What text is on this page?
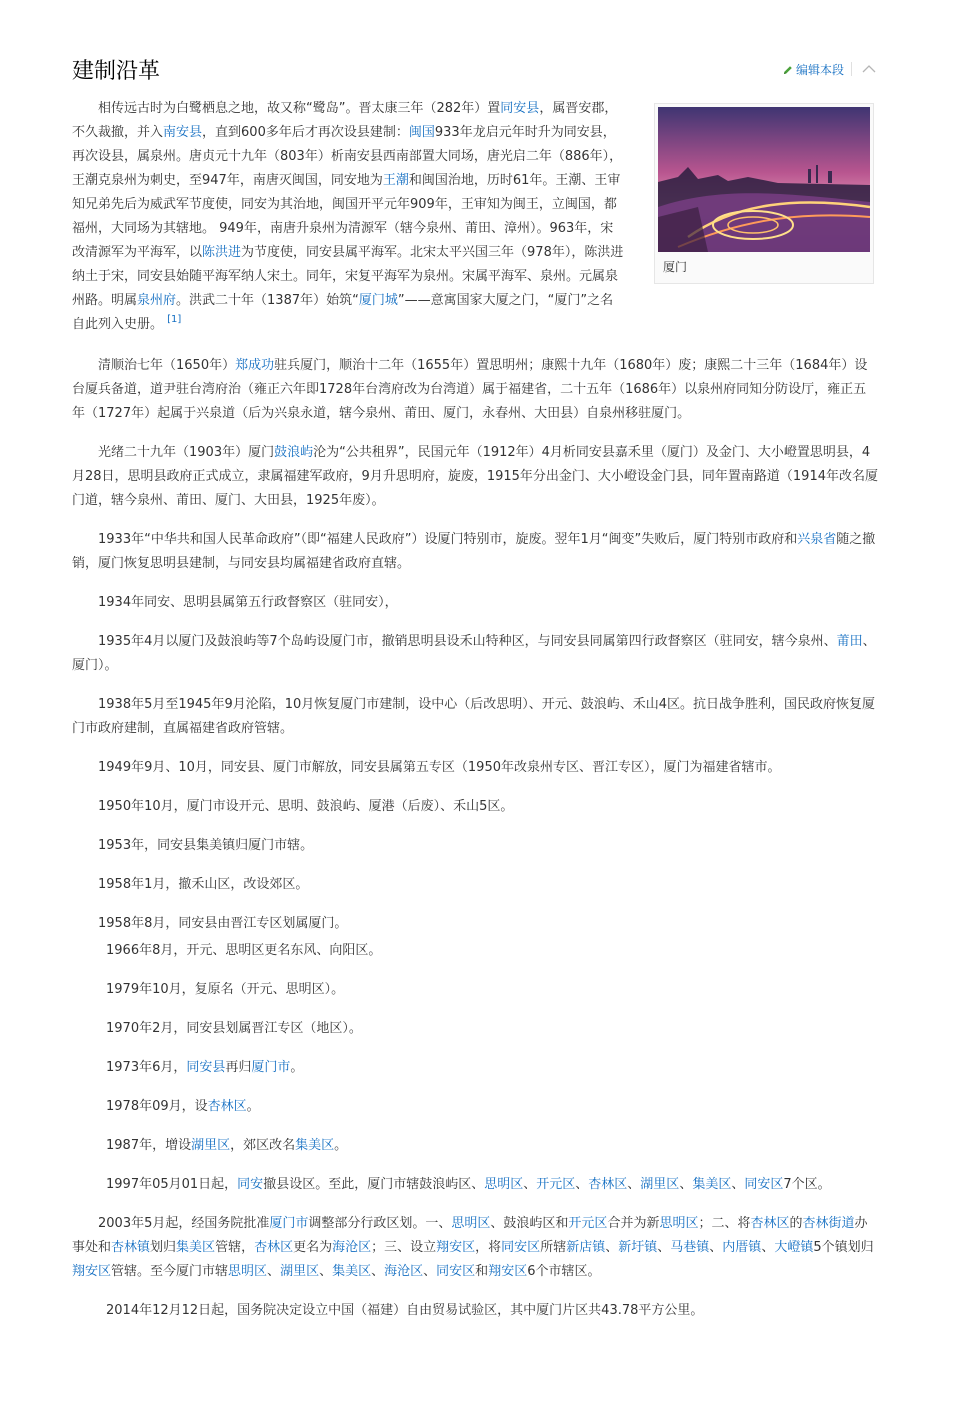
建制沿革	编辑本段
厦门

相传远古时为白鹭栖息之地，故又称“鹭岛”。晋太康三年（282年）置同安县，属晋安郡，不久裁撤，并入南安县，直到600多年后才再次设县建制：闽国933年龙启元年时升为同安县，再次设县，属泉州。唐贞元十九年（803年）析南安县西南部置大同场，唐光启二年（886年），王潮克泉州为刺史，至947年，南唐灭闽国，同安地为王潮和闽国治地，历时61年。王潮、王审知兄弟先后为威武军节度使，同安为其治地，闽国开平元年909年，王审知为闽王，立闽国，都福州，大同场为其辖地。 949年，南唐升泉州为清源军（辖今泉州、莆田、漳州）。963年，宋改清源军为平海军，以陈洪进为节度使，同安县属平海军。北宋太平兴国三年（978年），陈洪进纳土于宋，同安县始随平海军纳人宋土。同年，宋复平海军为泉州。宋属平海军、泉州。元属泉州路。明属泉州府。洪武二十年（1387年）始筑“厦门城”——意寓国家大厦之门，“厦门”之名自此列入史册。 [1]

清顺治七年（1650年）郑成功驻兵厦门，顺治十二年（1655年）置思明州；康熙十九年（1680年）废；康熙二十三年（1684年）设台厦兵备道，道尹驻台湾府治（雍正六年即1728年台湾府改为台湾道）属于福建省，二十五年（1686年）以泉州府同知分防设厅，雍正五年（1727年）起属于兴泉道（后为兴泉永道，辖今泉州、莆田、厦门，永春州、大田县）自泉州移驻厦门。

光绪二十九年（1903年）厦门鼓浪屿沦为“公共租界”，民国元年（1912年）4月析同安县嘉禾里（厦门）及金门、大小嶝置思明县，4月28日，思明县政府正式成立，隶属福建军政府，9月升思明府，旋废，1915年分出金门、大小嶝设金门县，同年置南路道（1914年改名厦门道，辖今泉州、莆田、厦门、大田县，1925年废）。

1933年“中华共和国人民革命政府”（即“福建人民政府”）设厦门特别市，旋废。翌年1月“闽变”失败后，厦门特别市政府和兴泉省随之撤销，厦门恢复思明县建制，与同安县均属福建省政府直辖。

1934年同安、思明县属第五行政督察区（驻同安），

1935年4月以厦门及鼓浪屿等7个岛屿设厦门市，撤销思明县设禾山特种区，与同安县同属第四行政督察区（驻同安，辖今泉州、莆田、厦门）。

1938年5月至1945年9月沦陷，10月恢复厦门市建制，设中心（后改思明）、开元、鼓浪屿、禾山4区。抗日战争胜利，国民政府恢复厦门市政府建制，直属福建省政府管辖。

1949年9月、10月，同安县、厦门市解放，同安县属第五专区（1950年改泉州专区、晋江专区），厦门为福建省辖市。

1950年10月，厦门市设开元、思明、鼓浪屿、厦港（后废）、禾山5区。

1953年，同安县集美镇归厦门市辖。

1958年1月，撤禾山区，改设郊区。

1958年8月，同安县由晋江专区划属厦门。

1966年8月，开元、思明区更名东风、向阳区。

1979年10月，复原名（开元、思明区）。

1970年2月，同安县划属晋江专区（地区）。

1973年6月，同安县再归厦门市。

1978年09月，设杏林区。

1987年，增设湖里区，郊区改名集美区。

1997年05月01日起，同安撤县设区。至此，厦门市辖鼓浪屿区、思明区、开元区、杏林区、湖里区、集美区、同安区7个区。

2003年5月起，经国务院批准厦门市调整部分行政区划。一、思明区、鼓浪屿区和开元区合并为新思明区；二、将杏林区的杏林街道办事处和杏林镇划归集美区管辖，杏林区更名为海沧区；三、设立翔安区，将同安区所辖新店镇、新圩镇、马巷镇、内厝镇、大嶝镇5个镇划归翔安区管辖。至今厦门市辖思明区、湖里区、集美区、海沧区、同安区和翔安区6个市辖区。

2014年12月12日起，国务院决定设立中国（福建）自由贸易试验区，其中厦门片区共43.78平方公里。
